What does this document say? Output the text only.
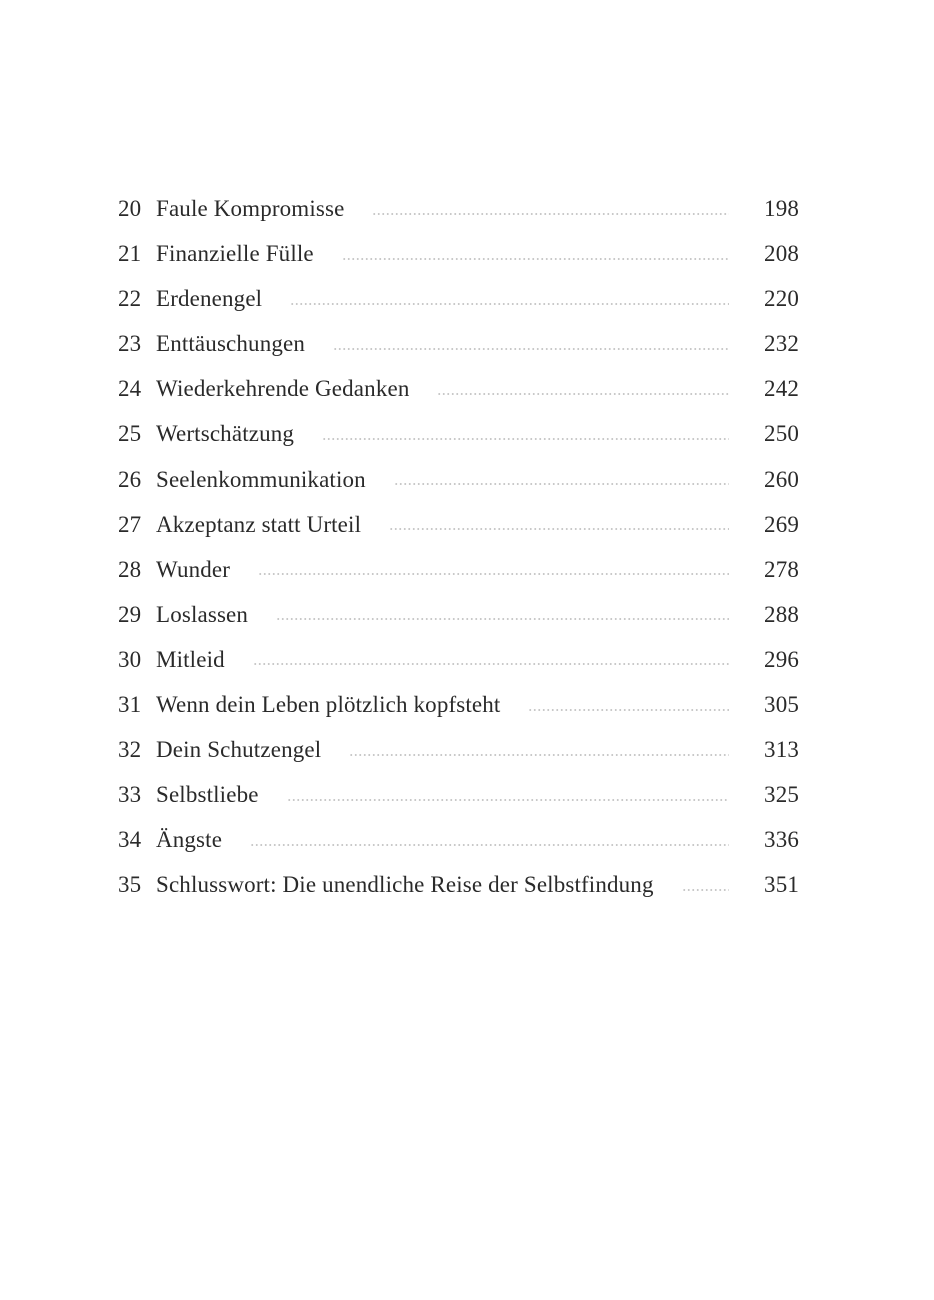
20 Faule Kompromisse	198
21 Finanzielle Fülle	208
22 Erdenengel	220
23 Enttäuschungen	232
24 Wiederkehrende Gedanken	242
25 Wertschätzung	250
26 Seelenkommunikation	260
27 Akzeptanz statt Urteil	269
28 Wunder	278
29 Loslassen	288
30 Mitleid	296
31 Wenn dein Leben plötzlich kopfsteht	305
32 Dein Schutzengel	313
33 Selbstliebe	325
34 Ängste	336
35 Schlusswort: Die unendliche Reise der Selbstfindung	351
